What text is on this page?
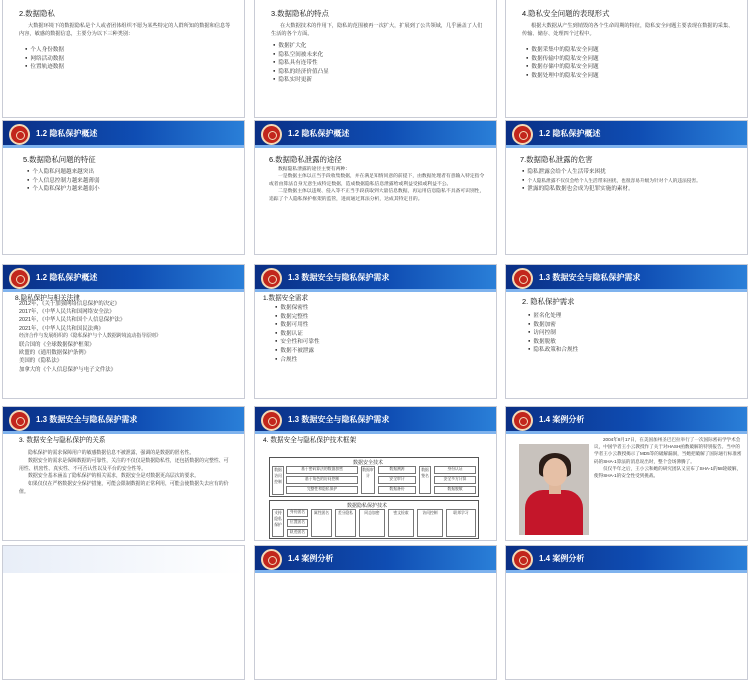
2.数据隐私
大数据环境下的数据隐私是个人或者团体组织不愿为某些特定的人群所知的数据和信息等内容，敏感的数据信息，主要分为以下三种类别：
● 个人身份数据
● 网络活动数据
● 位置轨迹数据
3.数据隐私的特点
在大数据技术的作用下，隐私的范围被再一次扩大，扩展到了公共领域，几乎涵盖了人们生活的各个方面。
● 数据扩大化
● 隐私空间被未来化
● 隐私具有连带性
● 隐私的经济价值凸显
● 隐私实时更新
4.隐私安全问题的表现形式
根据大数据从产生到销毁的各个生命周期的特征，隐私安全问题主要表现在数据的采集、传输、储存、处理四个过程中。
● 数据采集中的隐私安全问题
● 数据传输中的隐私安全问题
● 数据存储中的隐私安全问题
● 数据处理中的隐私安全问题
1.2 隐私保护概述
5.数据隐私问题的特征
● 个人隐私问题越来越突出
● 个人信息控制力越来越薄弱
● 个人隐私保护力越来越弱小
1.2 隐私保护概述
6.数据隐私泄露的途径
数据隐私泄露的途径主要有两种：
一是数据主体以正当手段收集数据，并在满足知情同意的前提下，由数据处理者有意输入特定指令或者由算法自身无意生成特定数据，造成数据隐私信息泄露给或利益受损或利益不公。
二是数据主体以违规、侵入等不正当手段获取到大量信息数据，再运用信息隐私不具备可识别性，追踪了个人隐私保护框架的监管，进而通过算法分析，达成其特定目的。
1.2 隐私保护概述
7.数据隐私泄露的危害
● 隐私泄露会给个人生活带来困扰
● 个人隐私泄露不仅仅会给个人生活带来困扰，也很容易升级为针对个人的违法侵害。
● 泄露的隐私数据也会成为犯罪实施的素材。
1.2 隐私保护概述
8.隐私保护与相关法律
2012年，《关于加强网络信息保护的决定》
2017年，《中华人民共和国网络安全法》
2021年，《中华人民共和国个人信息保护法》
2021年，《中华人民共和国民法典》
经济合作与发展组织的《隐私保护与个人数据跨境流动指导原则》
联合国的《全球数据保护框架》
欧盟的《通用数据保护条例》
美国的《隐私法》
加拿大的《个人信息保护与电子文件法》
1.3 数据安全与隐私保护需求
1.数据安全需求
● 数据保密性
● 数据完整性
● 数据可用性
● 数据认证
● 安全性和可靠性
● 数据不被泄露
● 合规性
1.3 数据安全与隐私保护需求
2. 隐私保护需求
● 匿名化处理
● 数据加密
● 访问控制
● 数据脱敏
● 隐私政策和合规性
1.3 数据安全与隐私保护需求
3. 数据安全与隐私保护的关系
隐私保护的需求保障用户的敏感数据信息不被泄露，强调的是数据的匿名性。
数据安全的需求是保障数据的可靠性，关注的不仅仅是数据隐私性，还包括数据的完整性、可用性、机密性、真实性、不可否认性以及平台的安全性等。
数据安全基本涵盖了隐私保护的相关需求，数据安全是对数据更高层次的要求。
如果仅仅在严格数据安全保护措施，可能会限制数据的正常利用，可能会使数据失去应有的价值。
1.3 数据安全与隐私保护需求
4. 数据安全与隐私保护技术框架
数据安全技术
数据访问控制
基于密码算法的数据加密
基于角色的访问控制
完整性和隐私保护
数据审计
数据溯源
安全审计
数据备份
数据签名
身份认证
安全多方计算
数据脱敏
数据隐私保护技术
支持隐私保护
身份匿名
位置匿名
轨迹匿名
属性匿名	差分隐私	同态加密	密文检索	访问控制	联邦学习
1.4 案例分析
2004年8月17日，在美国加州圣巴巴拉举行了一次国际密码学学术会议，中国学者王小云教授作了关于对HASH函数破解的特别报告。当中的学者王小云教授揭示了MD5等的破解漏洞，当她把破解了国际通行标准密码的SHA-1算法的消息说出时，整个会场沸腾了。
仅仅半年之后，王小云和她的研究团队又宣布了SHA-1的58轮破解，使得SHA-1的安全性受到挑战。
1.4 案例分析	1.4 案例分析
